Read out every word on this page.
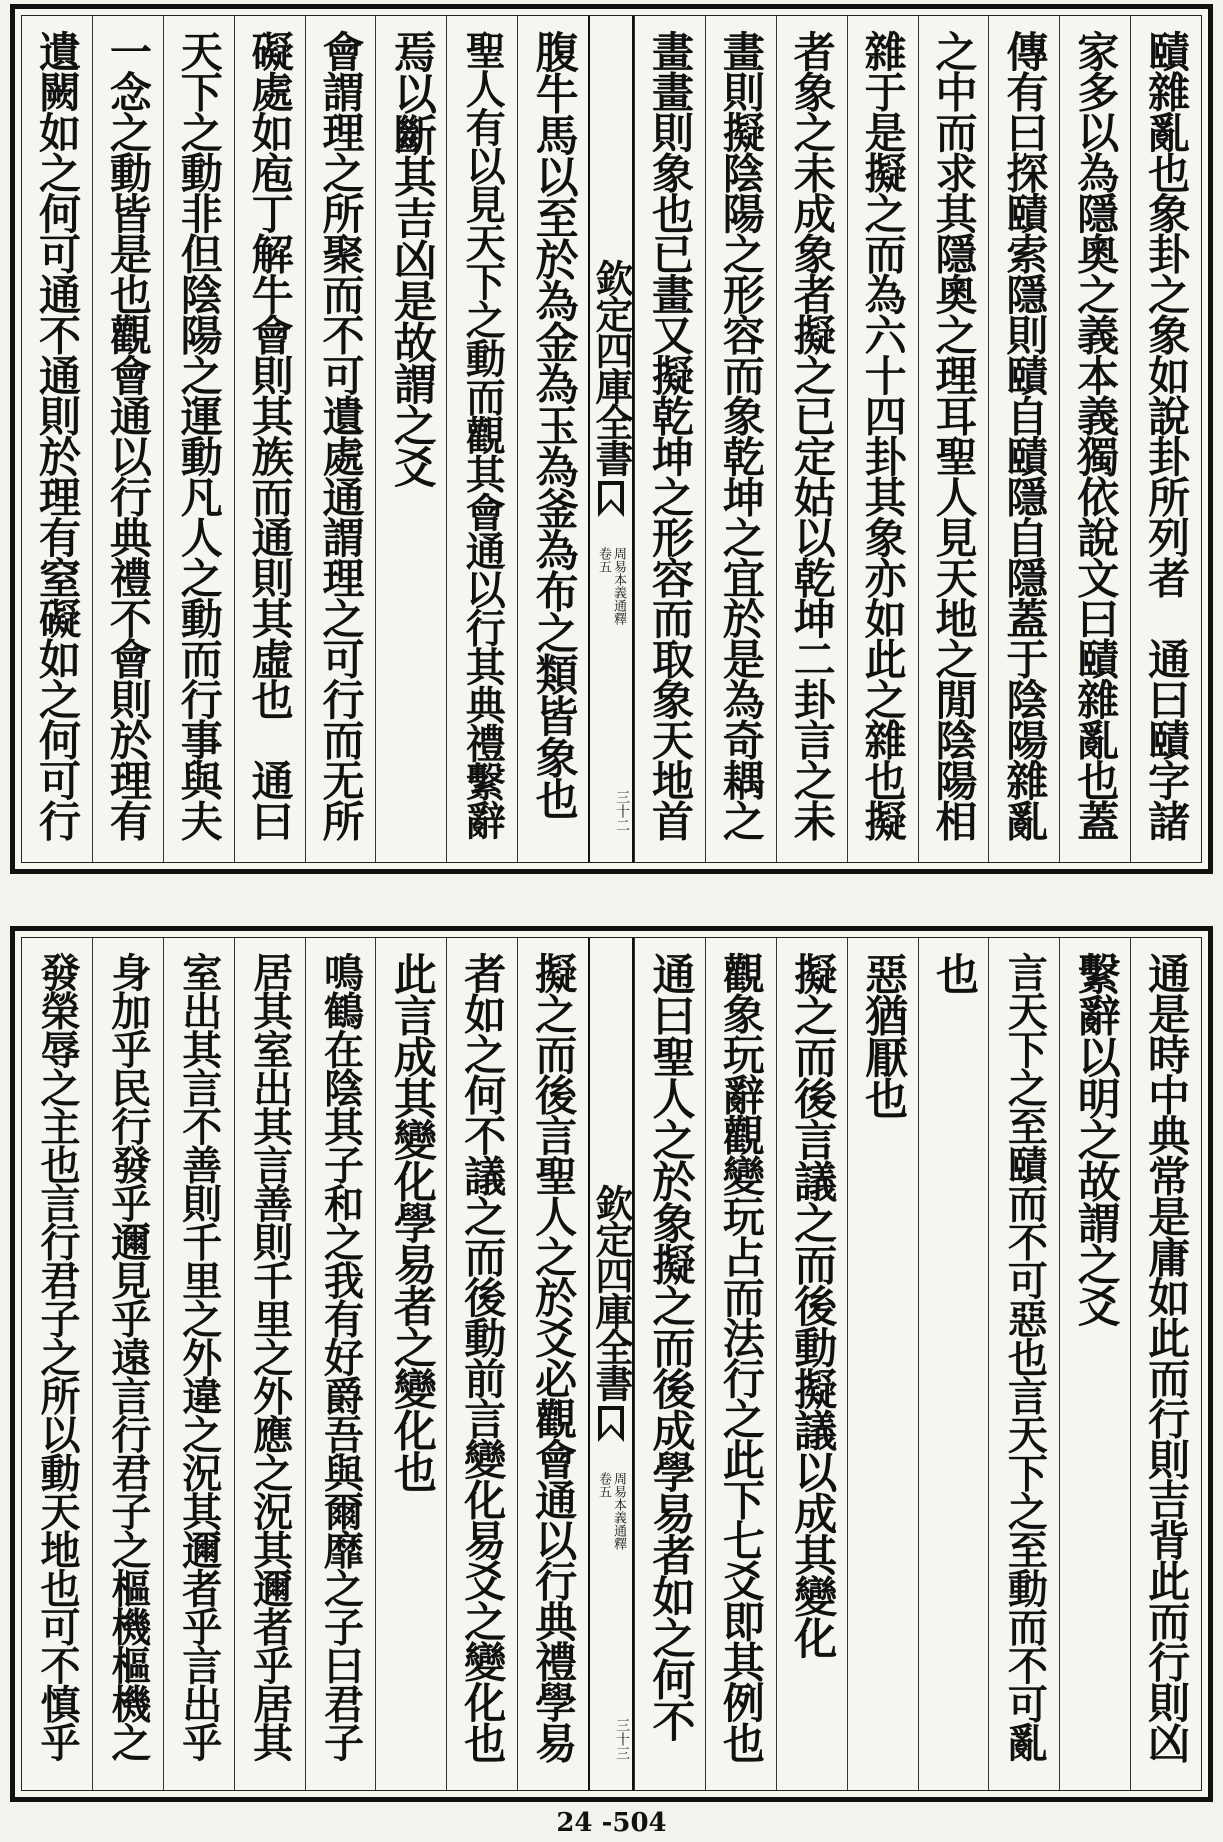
賾雜亂也象卦之象如說卦所列者　通曰賾字諸
家多以為隱奧之義本義獨依說文曰賾雜亂也蓋
傳有曰探賾索隱則賾自賾隱自隱蓋于陰陽雜亂
之中而求其隱奧之理耳聖人見天地之閒陰陽相
雜于是擬之而為六十四卦其象亦如此之雜也擬
者象之未成象者擬之已定姑以乾坤二卦言之未
畫則擬陰陽之形容而象乾坤之宜於是為奇耦之
畫畫則象也已畫又擬乾坤之形容而取象天地首
欽定四庫全書
周易本義通釋
卷五
三十二
腹牛馬以至於為金為玉為釜為布之類皆象也
聖人有以見天下之動而觀其會通以行其典禮繫辭
焉以斷其吉凶是故謂之爻
會謂理之所聚而不可遺處通謂理之可行而无所
礙處如庖丁解牛會則其族而通則其虛也　通曰
天下之動非但陰陽之運動凡人之動而行事與夫
一念之動皆是也觀會通以行典禮不會則於理有
遺闕如之何可通不通則於理有窒礙如之何可行
通是時中典常是庸如此而行則吉背此而行則凶
繫辭以明之故謂之爻
言天下之至賾而不可惡也言天下之至動而不可亂
也
惡猶厭也
擬之而後言議之而後動擬議以成其變化
觀象玩辭觀變玩占而法行之此下七爻即其例也
通曰聖人之於象擬之而後成學易者如之何不
欽定四庫全書
周易本義通釋
卷五
三十三
擬之而後言聖人之於爻必觀會通以行典禮學易
者如之何不議之而後動前言變化易爻之變化也
此言成其變化學易者之變化也
鳴鶴在陰其子和之我有好爵吾與爾靡之子曰君子
居其室出其言善則千里之外應之況其邇者乎居其
室出其言不善則千里之外違之況其邇者乎言出乎
身加乎民行發乎邇見乎遠言行君子之樞機樞機之
發榮辱之主也言行君子之所以動天地也可不慎乎
24 -504
